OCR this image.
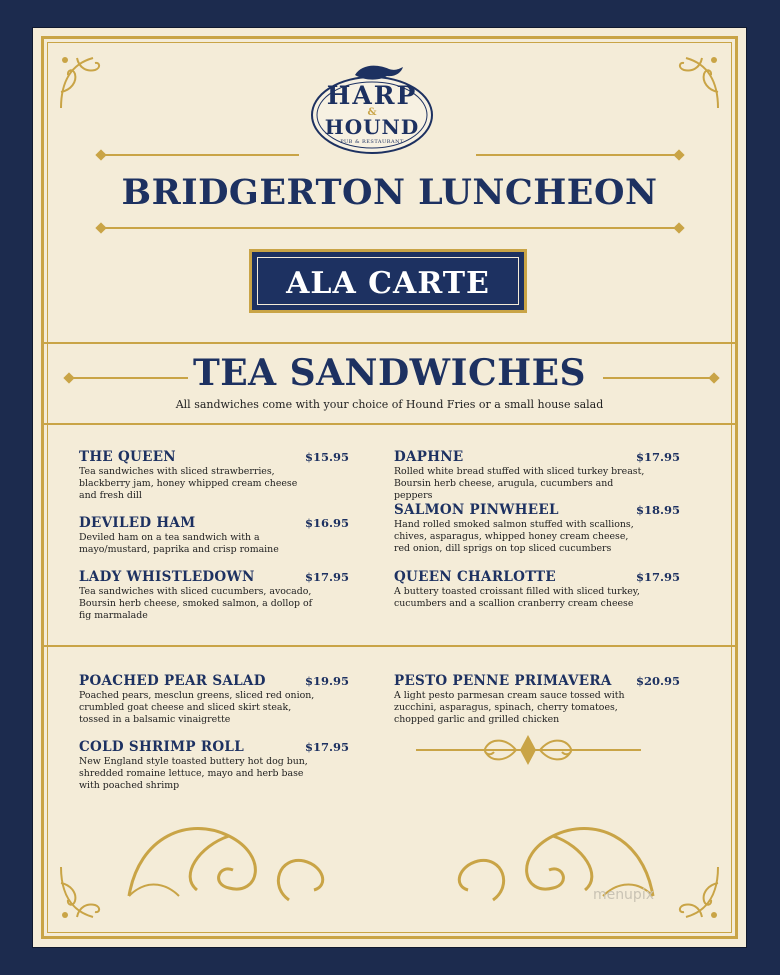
HARP
&
HOUND
PUB & RESTAURANT
BRIDGERTON LUNCHEON
ALA CARTE
TEA SANDWICHES
All sandwiches come with your choice of Hound Fries or a small house salad
THE QUEEN	$15.95
Tea sandwiches with sliced strawberries, blackberry jam, honey whipped cream cheese and fresh dill
DEVILED HAM	$16.95
Deviled ham on a tea sandwich with a mayo/mustard, paprika and crisp romaine
LADY WHISTLEDOWN	$17.95
Tea sandwiches with sliced cucumbers, avocado, Boursin herb cheese, smoked salmon, a dollop of fig marmalade
DAPHNE	$17.95
Rolled white bread stuffed with sliced turkey breast, Boursin herb cheese, arugula, cucumbers and peppers
SALMON PINWHEEL	$18.95
Hand rolled smoked salmon stuffed with scallions, chives, asparagus, whipped honey cream cheese, red onion, dill sprigs on top sliced cucumbers
QUEEN CHARLOTTE	$17.95
A buttery toasted croissant filled with sliced turkey, cucumbers and a scallion cranberry cream cheese
POACHED PEAR SALAD	$19.95
Poached pears, mesclun greens, sliced red onion, crumbled goat cheese and sliced skirt steak, tossed in a balsamic vinaigrette
COLD SHRIMP ROLL	$17.95
New England style toasted buttery hot dog bun, shredded romaine lettuce, mayo and herb base with poached shrimp
PESTO PENNE PRIMAVERA	$20.95
A light pesto parmesan cream sauce tossed with zucchini, asparagus, spinach, cherry tomatoes, chopped garlic and grilled chicken
menupix
